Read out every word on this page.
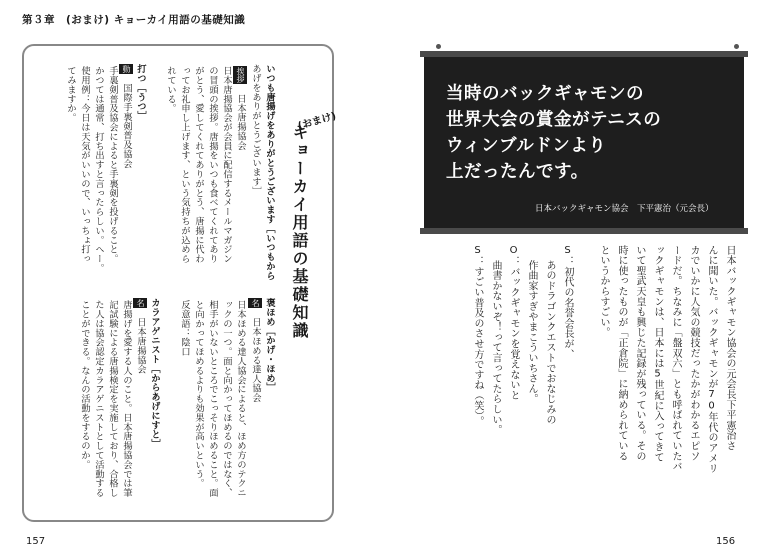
第３章　(おまけ) キョーカイ用語の基礎知識
157	156
(おまけ)
キョーカイ用語の基礎知識
いつも唐揚げをありがとうございます［いつもから
あげをありがとうございます］
挨拶　日本唐揚協会
日本唐揚協会が会員に配信するメールマガジン
の冒頭の挨拶。唐揚をいつも食べてくれてあり
がとう、愛してくれてありがとう、唐揚に代わ
ってお礼申し上げます、という気持ちが込めら
れている。
打つ［うつ］
動　国際手裏剣普及協会
手裏剣普及協会によると手裏剣を投げること。
かつては通常、打ち出すと言ったらしい。へー。
使用例：今日は天気がいいので、いっちょ打っ
てみますか。
褒ほめ［かげ・ほめ］
名　日本ほめる達人協会
日本ほめる達人協会によると、ほめ方のテクニ
ックの一つ。面と向かってほめるのではなく、
相手がいないところでこっそりほめること。面
と向かってほめるよりも効果が高いという。
反意語：陰口
カラアゲニスト［からあげにすと］
名　日本唐揚協会
唐揚げを愛する人のこと。日本唐揚協会では筆
記試験による唐揚検定を実施しており、合格し
た人は協会認定カラアゲニストとして活動する
ことができる。なんの活動をするのか。
当時のバックギャモンの
世界大会の賞金がテニスの
ウィンブルドンより
上だったんです。
日本バックギャモン協会　下平憲治（元会長）
日本バックギャモン協会の元会長下平憲治さ
んに聞いた。バックギャモンが70年代のアメリ
カでいかに人気の競技だったかがわかるエピソ
ードだ。ちなみに「盤双六」とも呼ばれていたバ
ックギャモンは、日本には5世紀に入ってきて
いて聖武天皇も興じた記録が残っている。その
時に使ったものが「正倉院」に納められている
というからすごい。
S：初代の名誉会長が、
あのドラゴンクエストでおなじみの
作曲家すぎやまこういちさん。
O：バックギャモンを覚えないと
曲書かないぞ！って言ってたらしい。
S：すごい普及のさせ方ですね（笑）。
